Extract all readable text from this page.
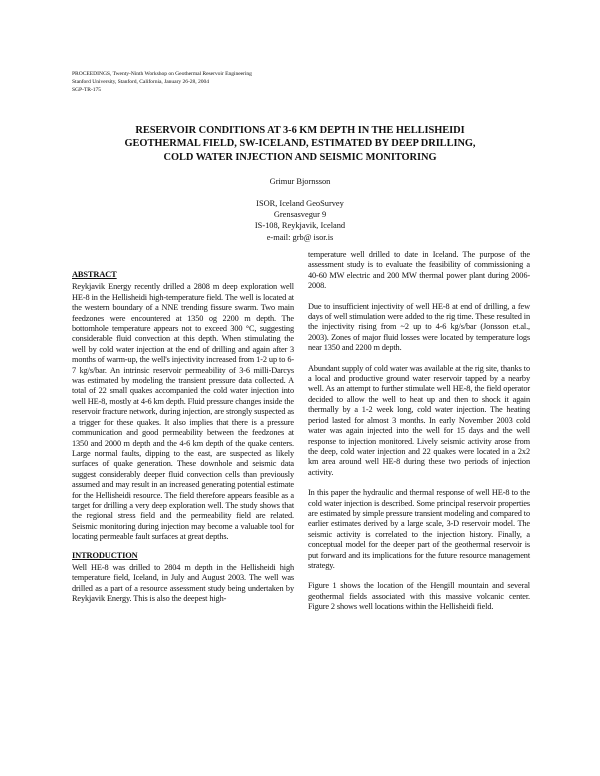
PROCEEDINGS, Twenty-Ninth Workshop on Geothermal Reservoir Engineering
Stanford University, Stanford, California, January 26-28, 2004
SGP-TR-175
RESERVOIR CONDITIONS AT 3-6 KM DEPTH IN THE HELLISHEIDI
GEOTHERMAL FIELD, SW-ICELAND, ESTIMATED BY DEEP DRILLING,
COLD WATER INJECTION AND SEISMIC MONITORING
Grimur Bjornsson
ISOR, Iceland GeoSurvey
Grensasvegur 9
IS-108, Reykjavik, Iceland
e-mail: grb@ isor.is
ABSTRACT

Reykjavik Energy recently drilled a 2808 m deep exploration well HE-8 in the Hellisheidi high-temperature field. The well is located at the western boundary of a NNE trending fissure swarm. Two main feedzones were encountered at 1350 og 2200 m depth. The bottomhole temperature appears not to exceed 300 °C, suggesting considerable fluid convection at this depth. When stimulating the well by cold water injection at the end of drilling and again after 3 months of warm-up, the well's injectivity increased from 1-2 up to 6-7 kg/s/bar. An intrinsic reservoir permeability of 3-6 milli-Darcys was estimated by modeling the transient pressure data collected. A total of 22 small quakes accompanied the cold water injection into well HE-8, mostly at 4-6 km depth. Fluid pressure changes inside the reservoir fracture network, during injection, are strongly suspected as a trigger for these quakes. It also implies that there is a pressure communication and good permeability between the feedzones at 1350 and 2000 m depth and the 4-6 km depth of the quake centers. Large normal faults, dipping to the east, are suspected as likely surfaces of quake generation. These downhole and seismic data suggest considerably deeper fluid convection cells than previously assumed and may result in an increased generating potential estimate for the Hellisheidi resource. The field therefore appears feasible as a target for drilling a very deep exploration well. The study shows that the regional stress field and the permeability field are related. Seismic monitoring during injection may become a valuable tool for locating permeable fault surfaces at great depths.

INTRODUCTION

Well HE-8 was drilled to 2804 m depth in the Hellisheidi high temperature field, Iceland, in July and August 2003. The well was drilled as a part of a resource assessment study being undertaken by Reykjavik Energy. This is also the deepest high-

temperature well drilled to date in Iceland. The purpose of the assessment study is to evaluate the feasibility of commissioning a 40-60 MW electric and 200 MW thermal power plant during 2006-2008.

Due to insufficient injectivity of well HE-8 at end of drilling, a few days of well stimulation were added to the rig time. These resulted in the injectivity rising from ~2 up to 4-6 kg/s/bar (Jonsson et.al., 2003). Zones of major fluid losses were located by temperature logs near 1350 and 2200 m depth.

Abundant supply of cold water was available at the rig site, thanks to a local and productive ground water reservoir tapped by a nearby well. As an attempt to further stimulate well HE-8, the field operator decided to allow the well to heat up and then to shock it again thermally by a 1-2 week long, cold water injection. The heating period lasted for almost 3 months. In early November 2003 cold water was again injected into the well for 15 days and the well response to injection monitored. Lively seismic activity arose from the deep, cold water injection and 22 quakes were located in a 2x2 km area around well HE-8 during these two periods of injection activity.

In this paper the hydraulic and thermal response of well HE-8 to the cold water injection is described. Some principal reservoir properties are estimated by simple pressure transient modeling and compared to earlier estimates derived by a large scale, 3-D reservoir model. The seismic activity is correlated to the injection history. Finally, a conceptual model for the deeper part of the geothermal reservoir is put forward and its implications for the future resource management strategy.

Figure 1 shows the location of the Hengill mountain and several geothermal fields associated with this massive volcanic center. Figure 2 shows well locations within the Hellisheidi field.
